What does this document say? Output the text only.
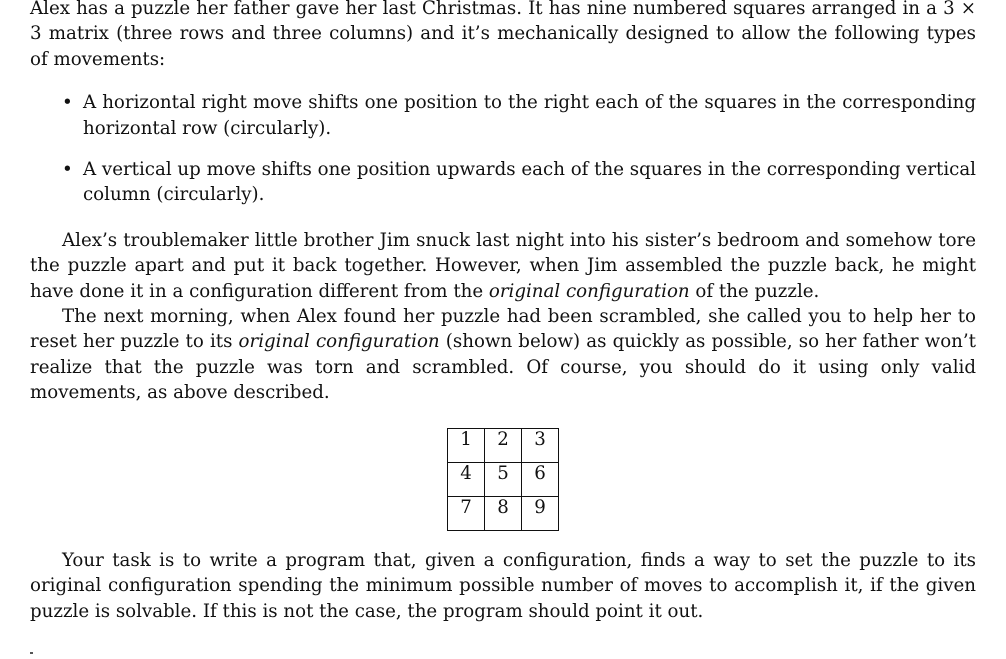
Alex has a puzzle her father gave her last Christmas. It has nine numbered squares arranged in a 3 × 3 matrix (three rows and three columns) and it’s mechanically designed to allow the following types of movements:

• A horizontal right move shifts one position to the right each of the squares in the corresponding horizontal row (circularly).
• A vertical up move shifts one position upwards each of the squares in the corresponding vertical column (circularly).

Alex’s troublemaker little brother Jim snuck last night into his sister’s bedroom and somehow tore the puzzle apart and put it back together. However, when Jim assembled the puzzle back, he might have done it in a configuration different from the original configuration of the puzzle.

The next morning, when Alex found her puzzle had been scrambled, she called you to help her to reset her puzzle to its original configuration (shown below) as quickly as possible, so her father won’t realize that the puzzle was torn and scrambled. Of course, you should do it using only valid movements, as above described.

1	2	3
4	5	6
7	8	9

Your task is to write a program that, given a configuration, finds a way to set the puzzle to its original configuration spending the minimum possible number of moves to accomplish it, if the given puzzle is solvable. If this is not the case, the program should point it out.
